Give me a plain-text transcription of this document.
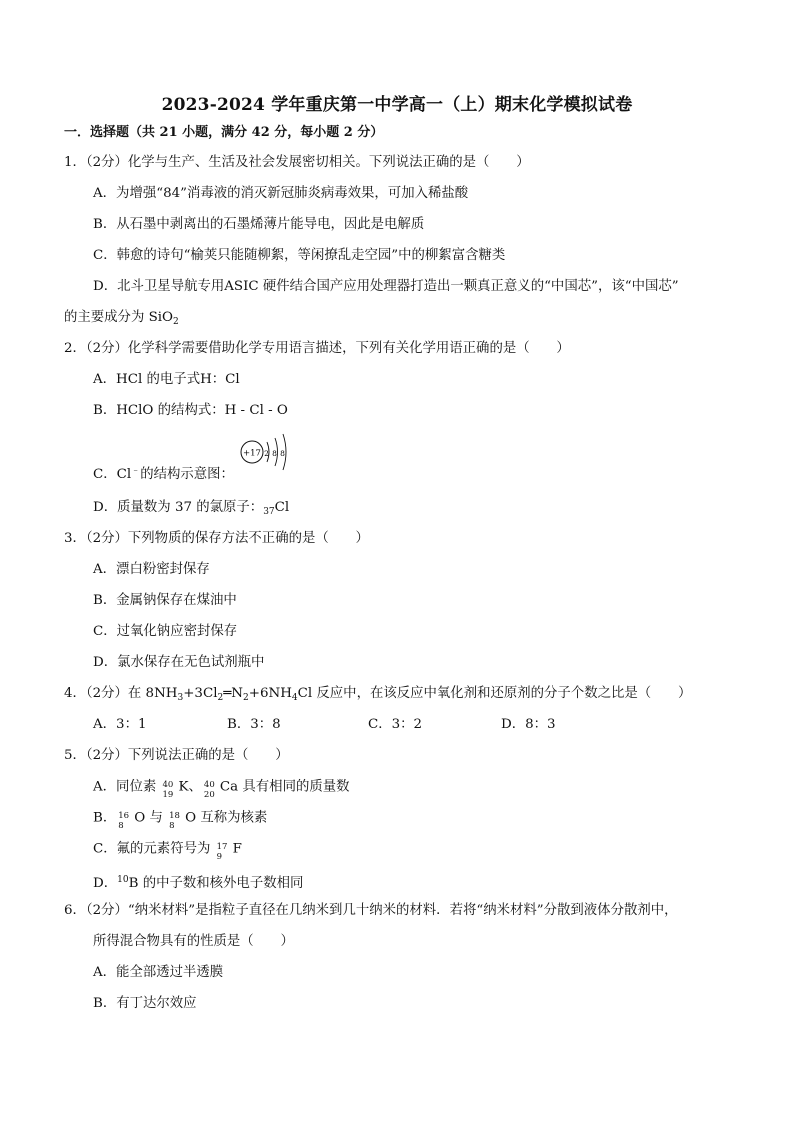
2023-2024 学年重庆第一中学高一（上）期末化学模拟试卷
一．选择题（共 21 小题，满分 42 分，每小题 2 分）
1．（2分）化学与生产、生活及社会发展密切相关。下列说法正确的是（　　）
A．为增强“84”消毒液的消灭新冠肺炎病毒效果，可加入稀盐酸
B．从石墨中剥离出的石墨烯薄片能导电，因此是电解质
C．韩愈的诗句“榆荚只能随柳絮，等闲撩乱走空园”中的柳絮富含糖类
D．北斗卫星导航专用ASIC 硬件结合国产应用处理器打造出一颗真正意义的“中国芯”，该“中国芯”
的主要成分为 SiO$_2$
2．（2分）化学科学需要借助化学专用语言描述，下列有关化学用语正确的是（　　）
A．HCl 的电子式H：Cl
B．HClO 的结构式：H - Cl - O
C．Cl﹣的结构示意图：
+17 2 8 8
D．质量数为 37 的氯原子：$_{37}$Cl
3．（2分）下列物质的保存方法不正确的是（　　）
A．漂白粉密封保存
B．金属钠保存在煤油中
C．过氧化钠应密封保存
D．氯水保存在无色试剂瓶中
4．（2分）在 $8NH_3+3Cl_2═N_2+6NH_4Cl$ 反应中，在该反应中氧化剂和还原剂的分子个数之比是（　　）
A．3：1	B．3：8	C．3：2	D．8：3
5．（2分）下列说法正确的是（　　）
A．同位素 40
19
K、 40
20
Ca 具有相同的质量数
B． 16
8
O 与 18
8
O 互称为核素
C．氟的元素符号为 17
9
F
D．$^{10}$B 的中子数和核外电子数相同
6．（2分）“纳米材料”是指粒子直径在几纳米到几十纳米的材料．若将“纳米材料”分散到液体分散剂中，
所得混合物具有的性质是（　　）
A．能全部透过半透膜
B．有丁达尔效应
